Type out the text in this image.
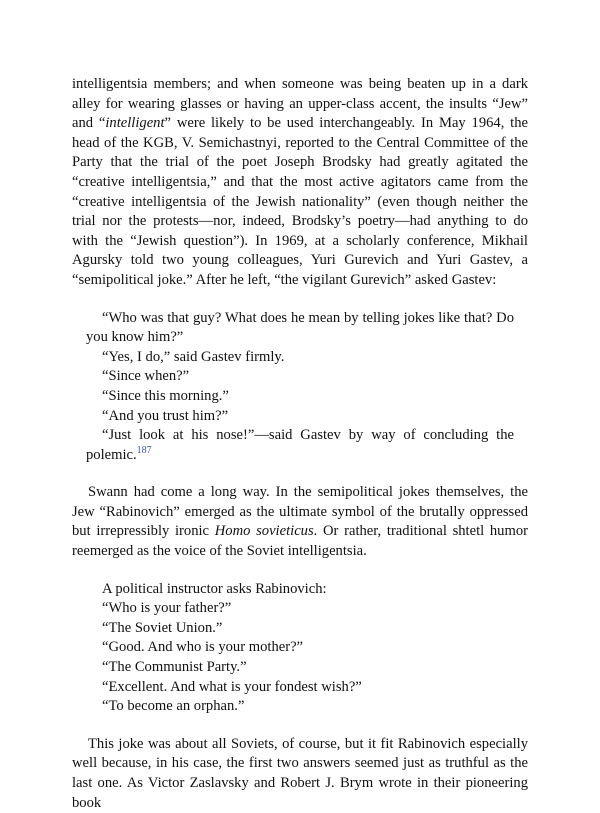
intelligentsia members; and when someone was being beaten up in a dark alley for wearing glasses or having an upper-class accent, the insults “Jew” and “intelligent” were likely to be used interchangeably. In May 1964, the head of the KGB, V. Semichastnyi, reported to the Central Committee of the Party that the trial of the poet Joseph Brodsky had greatly agitated the “creative intelligentsia,” and that the most active agitators came from the “creative intelligentsia of the Jewish nationality” (even though neither the trial nor the protests—nor, indeed, Brodsky’s poetry—had anything to do with the “Jewish question”). In 1969, at a scholarly conference, Mikhail Agursky told two young colleagues, Yuri Gurevich and Yuri Gastev, a “semipolitical joke.” After he left, “the vigilant Gurevich” asked Gastev:

“Who was that guy? What does he mean by telling jokes like that? Do you know him?”

“Yes, I do,” said Gastev firmly.

“Since when?”

“Since this morning.”

“And you trust him?”

“Just look at his nose!”—said Gastev by way of concluding the polemic.$^{187}$

Swann had come a long way. In the semipolitical jokes themselves, the Jew “Rabinovich” emerged as the ultimate symbol of the brutally oppressed but irrepressibly ironic Homo sovieticus. Or rather, traditional shtetl humor reemerged as the voice of the Soviet intelligentsia.

A political instructor asks Rabinovich:

“Who is your father?”

“The Soviet Union.”

“Good. And who is your mother?”

“The Communist Party.”

“Excellent. And what is your fondest wish?”

“To become an orphan.”

This joke was about all Soviets, of course, but it fit Rabinovich especially well because, in his case, the first two answers seemed just as truthful as the last one. As Victor Zaslavsky and Robert J. Brym wrote in their pioneering book
